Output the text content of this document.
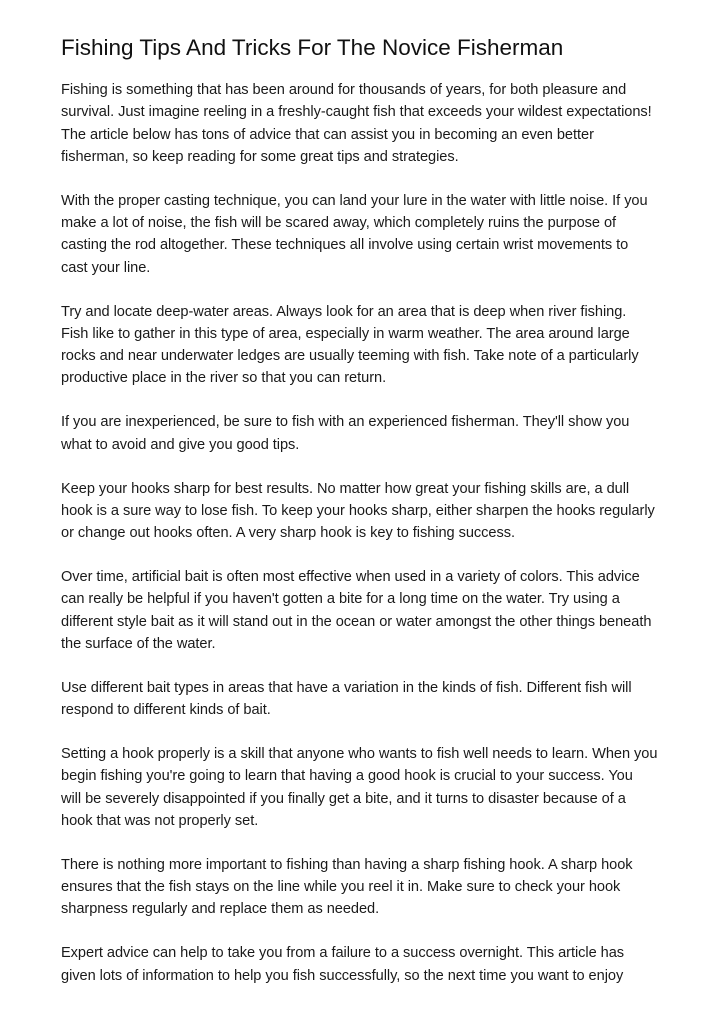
Fishing Tips And Tricks For The Novice Fisherman

Fishing is something that has been around for thousands of years, for both pleasure and
survival. Just imagine reeling in a freshly-caught fish that exceeds your wildest expectations!
The article below has tons of advice that can assist you in becoming an even better
fisherman, so keep reading for some great tips and strategies.

With the proper casting technique, you can land your lure in the water with little noise. If you
make a lot of noise, the fish will be scared away, which completely ruins the purpose of
casting the rod altogether. These techniques all involve using certain wrist movements to
cast your line.

Try and locate deep-water areas. Always look for an area that is deep when river fishing.
Fish like to gather in this type of area, especially in warm weather. The area around large
rocks and near underwater ledges are usually teeming with fish. Take note of a particularly
productive place in the river so that you can return.

If you are inexperienced, be sure to fish with an experienced fisherman. They'll show you
what to avoid and give you good tips.

Keep your hooks sharp for best results. No matter how great your fishing skills are, a dull
hook is a sure way to lose fish. To keep your hooks sharp, either sharpen the hooks regularly
or change out hooks often. A very sharp hook is key to fishing success.

Over time, artificial bait is often most effective when used in a variety of colors. This advice
can really be helpful if you haven't gotten a bite for a long time on the water. Try using a
different style bait as it will stand out in the ocean or water amongst the other things beneath
the surface of the water.

Use different bait types in areas that have a variation in the kinds of fish. Different fish will
respond to different kinds of bait.

Setting a hook properly is a skill that anyone who wants to fish well needs to learn. When you
begin fishing you're going to learn that having a good hook is crucial to your success. You
will be severely disappointed if you finally get a bite, and it turns to disaster because of a
hook that was not properly set.

There is nothing more important to fishing than having a sharp fishing hook. A sharp hook
ensures that the fish stays on the line while you reel it in. Make sure to check your hook
sharpness regularly and replace them as needed.

Expert advice can help to take you from a failure to a success overnight. This article has
given lots of information to help you fish successfully, so the next time you want to enjoy
